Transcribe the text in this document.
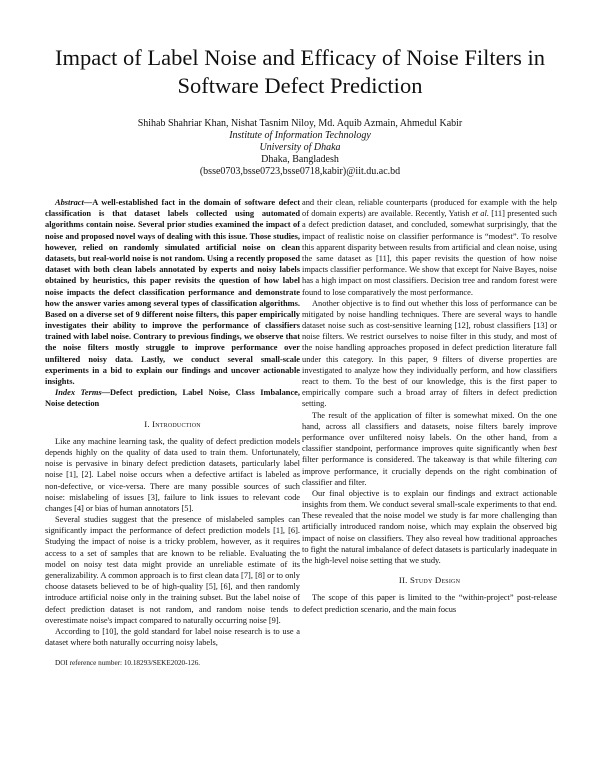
Impact of Label Noise and Efficacy of Noise Filters in Software Defect Prediction
Shihab Shahriar Khan, Nishat Tasnim Niloy, Md. Aquib Azmain, Ahmedul Kabir
Institute of Information Technology
University of Dhaka
Dhaka, Bangladesh
(bsse0703,bsse0723,bsse0718,kabir)@iit.du.ac.bd

Abstract—A well-established fact in the domain of software defect classification is that dataset labels collected using automated algorithms contain noise. Several prior studies examined the impact of noise and proposed novel ways of dealing with this issue. Those studies, however, relied on randomly simulated artificial noise on clean datasets, but real-world noise is not random. Using a recently proposed dataset with both clean labels annotated by experts and noisy labels obtained by heuristics, this paper revisits the question of how label noise impacts the defect classification performance and demonstrate how the answer varies among several types of classification algorithms. Based on a diverse set of 9 different noise filters, this paper empirically investigates their ability to improve the performance of classifiers trained with label noise. Contrary to previous findings, we observe that the noise filters mostly struggle to improve performance over unfiltered noisy data. Lastly, we conduct several small-scale experiments in a bid to explain our findings and uncover actionable insights.

Index Terms—Defect prediction, Label Noise, Class Imbalance, Noise detection

I. Introduction

Like any machine learning task, the quality of defect prediction models depends highly on the quality of data used to train them. Unfortunately, noise is pervasive in binary defect prediction datasets, particularly label noise [1], [2]. Label noise occurs when a defective artifact is labeled as non-defective, or vice-versa. There are many possible sources of such noise: mislabeling of issues [3], failure to link issues to relevant code changes [4] or bias of human annotators [5].

Several studies suggest that the presence of mislabeled samples can significantly impact the performance of defect prediction models [1], [6]. Studying the impact of noise is a tricky problem, however, as it requires access to a set of samples that are known to be reliable. Evaluating the model on noisy test data might provide an unreliable estimate of its generalizability. A common approach is to first clean data [7], [8] or to only choose datasets believed to be of high-quality [5], [6], and then randomly introduce artificial noise only in the training subset. But the label noise of defect prediction dataset is not random, and random noise tends to overestimate noise's impact compared to naturally occurring noise [9].

According to [10], the gold standard for label noise research is to use a dataset where both naturally occurring noisy labels,

DOI reference number: 10.18293/SEKE2020-126.

and their clean, reliable counterparts (produced for example with the help of domain experts) are available. Recently, Yatish et al. [11] presented such a defect prediction dataset, and concluded, somewhat surprisingly, that the impact of realistic noise on classifier performance is “modest”. To resolve this apparent disparity between results from artificial and clean noise, using the same dataset as [11], this paper revisits the question of how noise impacts classifier performance. We show that except for Naive Bayes, noise has a high impact on most classifiers. Decision tree and random forest were found to lose comparatively the most performance.

Another objective is to find out whether this loss of performance can be mitigated by noise handling techniques. There are several ways to handle dataset noise such as cost-sensitive learning [12], robust classifiers [13] or noise filters. We restrict ourselves to noise filter in this study, and most of the noise handling approaches proposed in defect prediction literature fall under this category. In this paper, 9 filters of diverse properties are investigated to analyze how they individually perform, and how classifiers react to them. To the best of our knowledge, this is the first paper to empirically compare such a broad array of filters in defect prediction setting.

The result of the application of filter is somewhat mixed. On the one hand, across all classifiers and datasets, noise filters barely improve performance over unfiltered noisy labels. On the other hand, from a classifier standpoint, performance improves quite significantly when best filter performance is considered. The takeaway is that while filtering can improve performance, it crucially depends on the right combination of classifier and filter.

Our final objective is to explain our findings and extract actionable insights from them. We conduct several small-scale experiments to that end. These revealed that the noise model we study is far more challenging than artificially introduced random noise, which may explain the observed big impact of noise on classifiers. They also reveal how traditional approaches to fight the natural imbalance of defect datasets is particularly inadequate in the high-level noise setting that we study.

II. Study Design

The scope of this paper is limited to the “within-project” post-release defect prediction scenario, and the main focus
